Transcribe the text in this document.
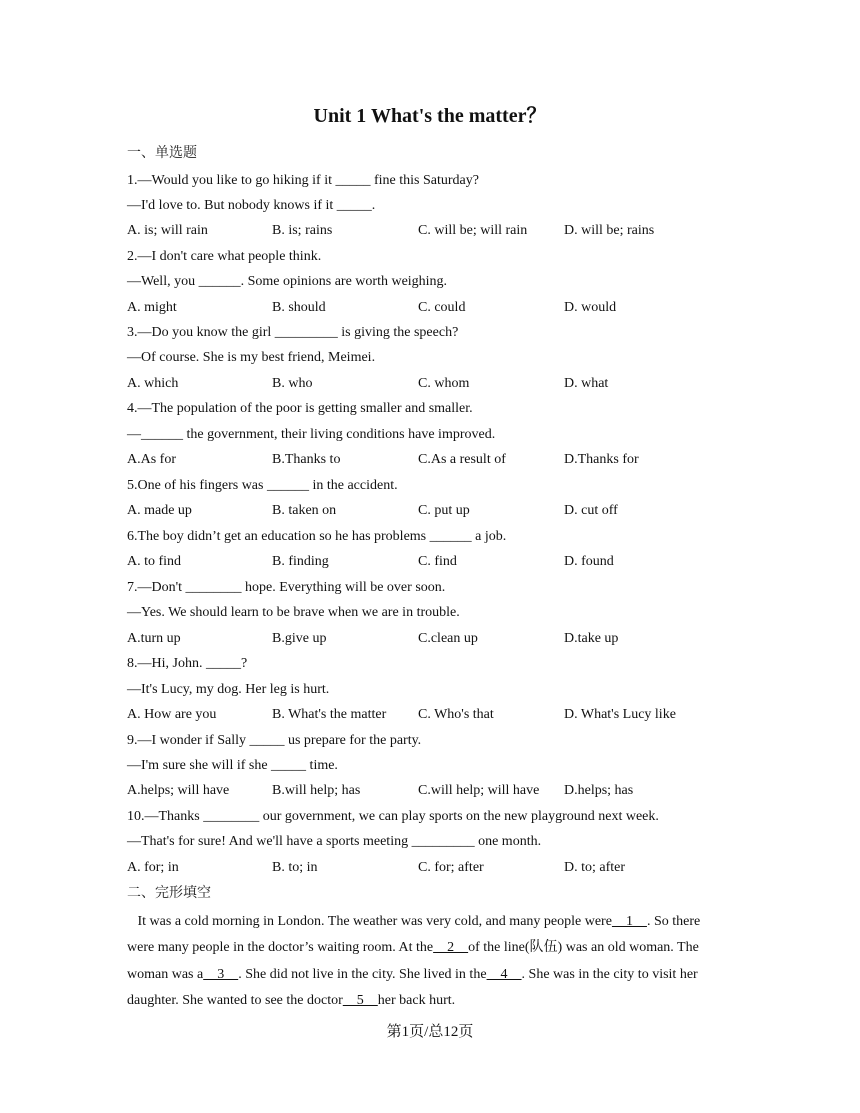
Unit 1 What's the matter？
一、单选题
1.—Would you like to go hiking if it _____ fine this Saturday?
—I'd love to. But nobody knows if it _____.
A. is; will rain	B. is; rains	C. will be; will rain	D. will be; rains
2.—I don't care what people think.
—Well, you ______. Some opinions are worth weighing.
A. might	B. should	C. could	D. would
3.—Do you know the girl _________ is giving the speech?
—Of course. She is my best friend, Meimei.
A. which	B. who	C. whom	D. what
4.—The population of the poor is getting smaller and smaller.
—______ the government, their living conditions have improved.
A.As for	B.Thanks to	C.As a result of	D.Thanks for
5.One of his fingers was ______ in the accident.
A. made up	B. taken on	C. put up	D. cut off
6.The boy didn’t get an education so he has problems ______ a job.
A. to find	B. finding	C. find	D. found
7.—Don't ________ hope. Everything will be over soon.
—Yes. We should learn to be brave when we are in trouble.
A.turn up	B.give up	C.clean up	D.take up
8.—Hi, John. _____?
—It's Lucy, my dog. Her leg is hurt.
A. How are you	B. What's the matter C. Who's that	D. What's Lucy like
9.—I wonder if Sally _____ us prepare for the party.
—I'm sure she will if she _____ time.
A.helps; will have	B.will help; has	C.will help; will have D.helps; has
10.—Thanks ________ our government, we can play sports on the new playground next week.
—That's for sure! And we'll have a sports meeting _________ one month.
A. for; in	B. to; in	C. for; after	D. to; after
二、完形填空
It was a cold morning in London. The weather was very cold, and many people were    1    . So there
were many people in the doctor’s waiting room. At the    2    of the line(队伍) was an old woman. The
woman was a    3    . She did not live in the city. She lived in the    4    . She was in the city to visit her
daughter. She wanted to see the doctor    5    her back hurt.
第1页/总12页
